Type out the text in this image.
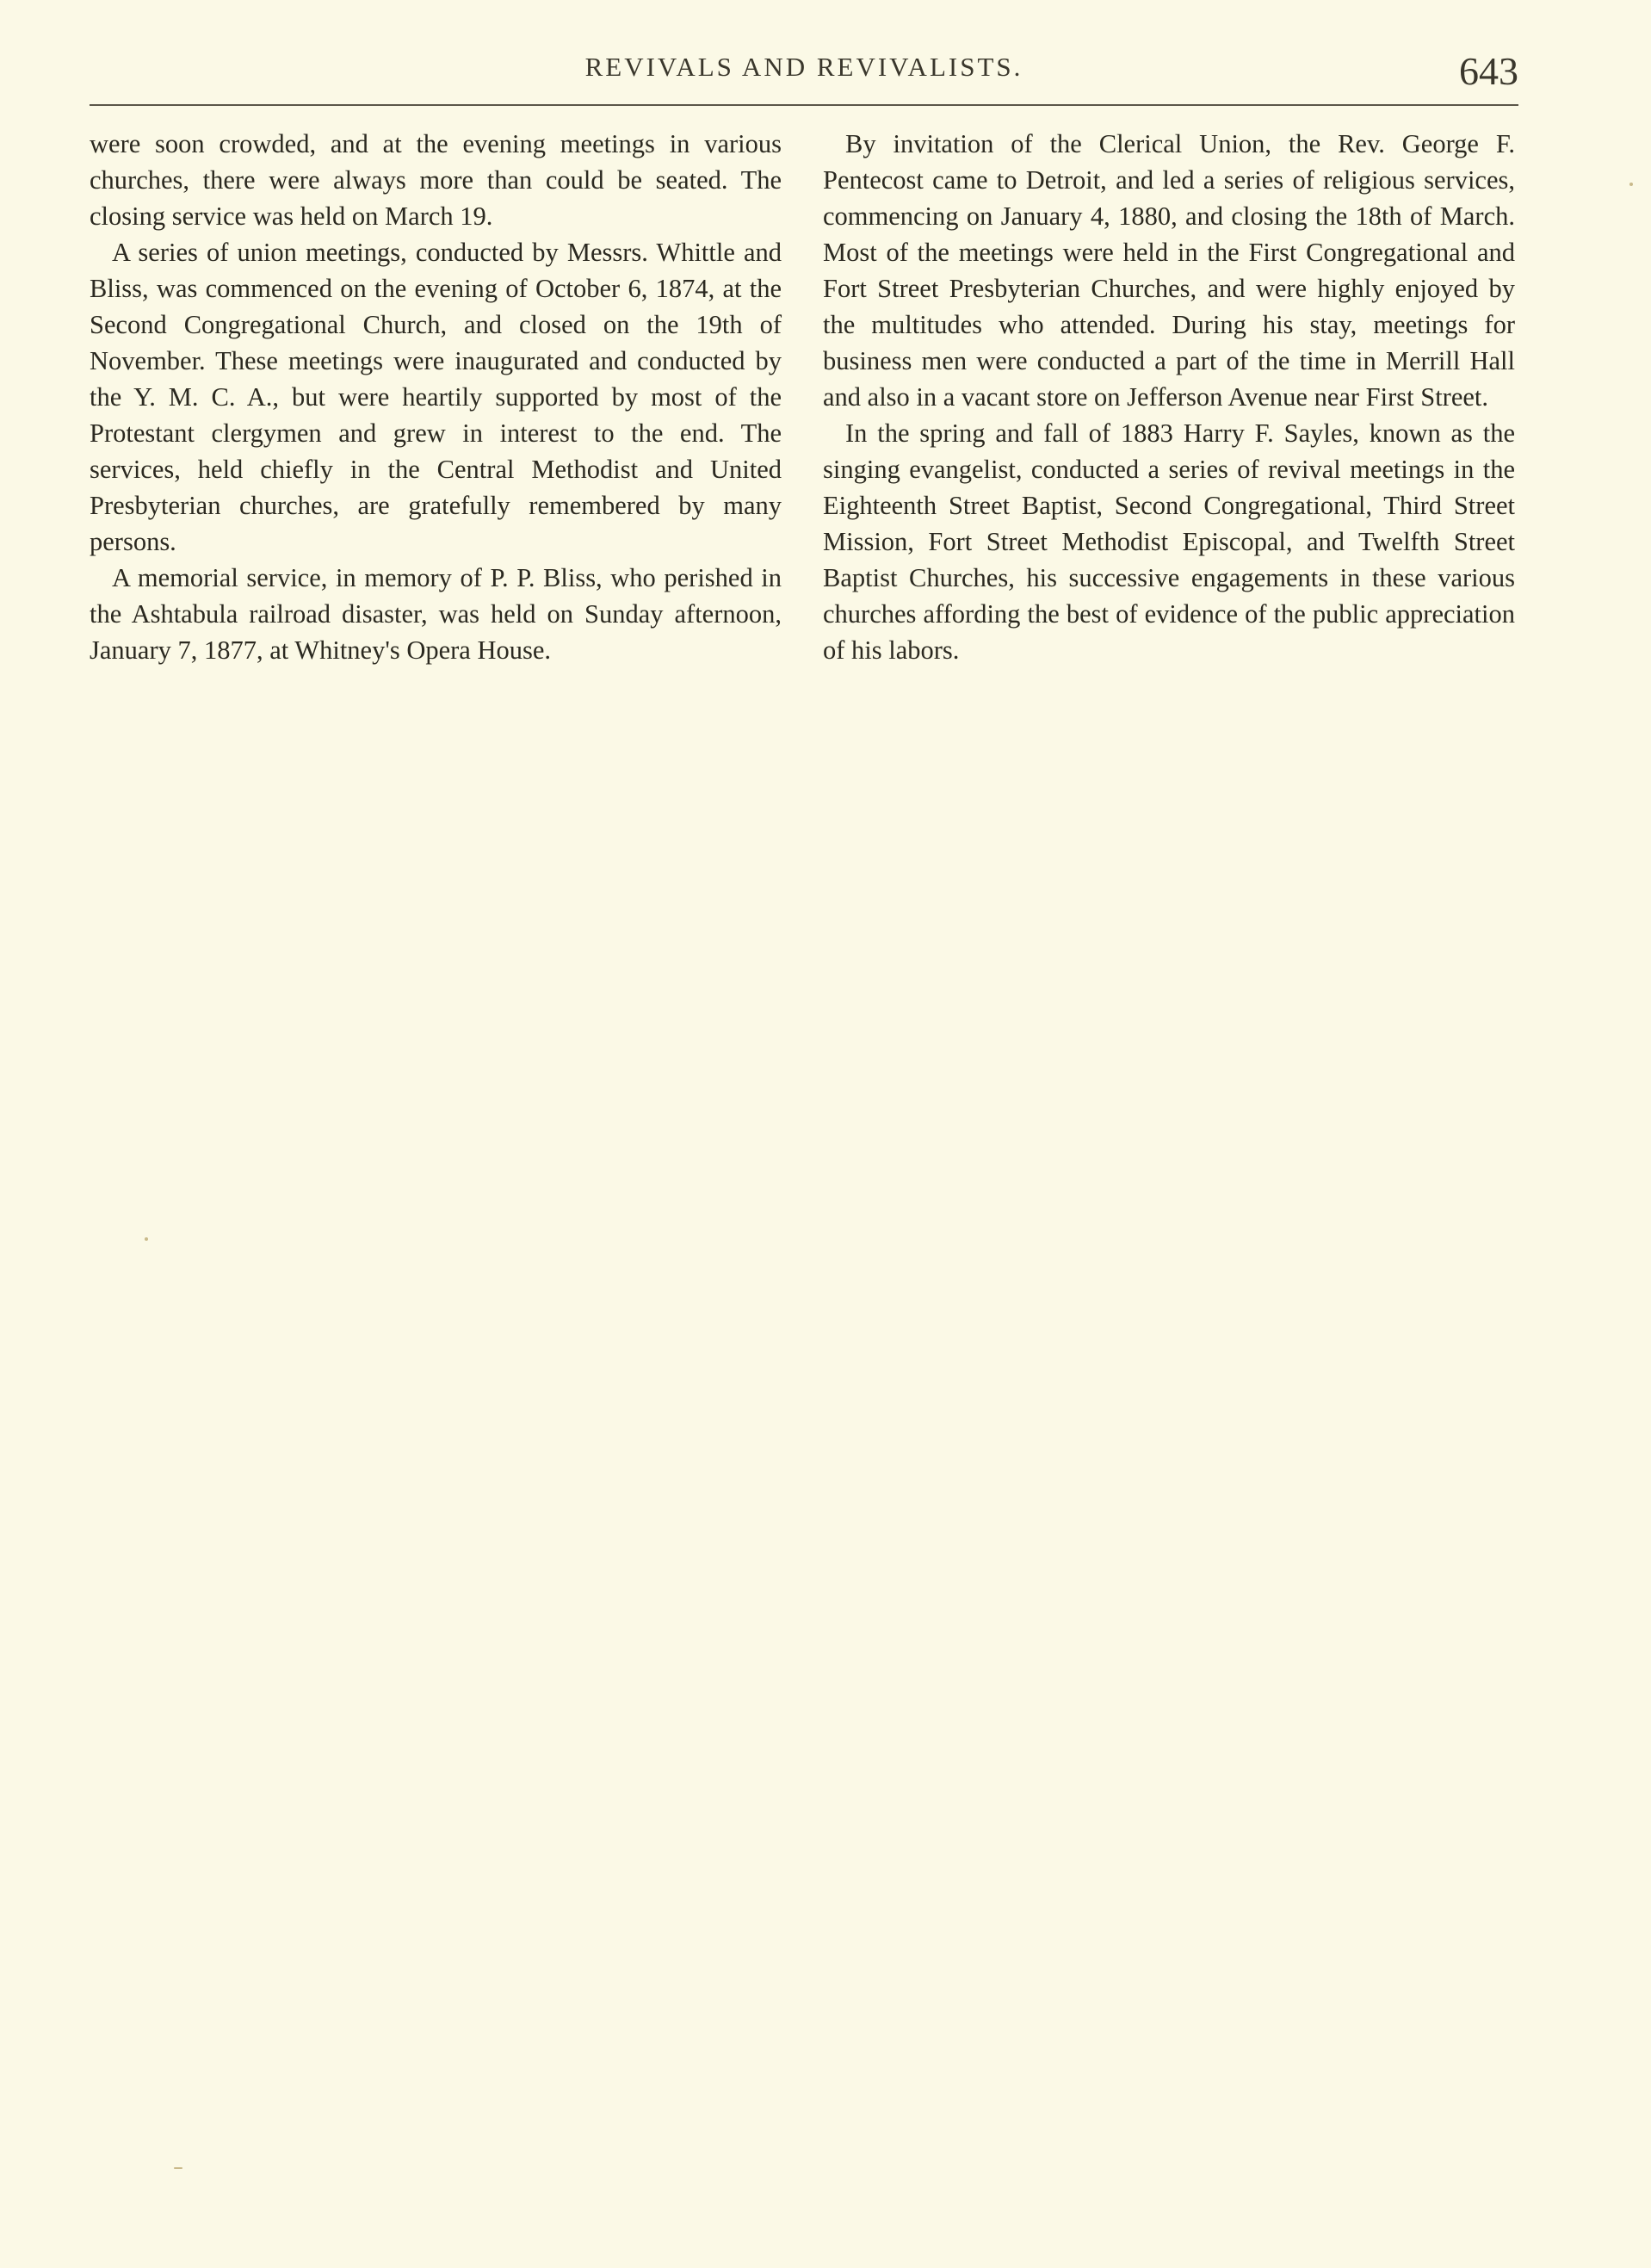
REVIVALS AND REVIVALISTS.	643

were soon crowded, and at the evening meetings in various churches, there were always more than could be seated. The closing service was held on March 19.

A series of union meetings, conducted by Messrs. Whittle and Bliss, was commenced on the evening of October 6, 1874, at the Second Congregational Church, and closed on the 19th of November. These meetings were inaugurated and conducted by the Y. M. C. A., but were heartily supported by most of the Protestant clergymen and grew in interest to the end. The services, held chiefly in the Central Methodist and United Presbyterian churches, are gratefully remembered by many persons.

A memorial service, in memory of P. P. Bliss, who perished in the Ashtabula railroad disaster, was held on Sunday afternoon, January 7, 1877, at Whitney's Opera House.

By invitation of the Clerical Union, the Rev. George F. Pentecost came to Detroit, and led a series of religious services, commencing on January 4, 1880, and closing the 18th of March. Most of the meetings were held in the First Congregational and Fort Street Presbyterian Churches, and were highly enjoyed by the multitudes who attended. During his stay, meetings for business men were conducted a part of the time in Merrill Hall and also in a vacant store on Jefferson Avenue near First Street.

In the spring and fall of 1883 Harry F. Sayles, known as the singing evangelist, conducted a series of revival meetings in the Eighteenth Street Baptist, Second Congregational, Third Street Mission, Fort Street Methodist Episcopal, and Twelfth Street Baptist Churches, his successive engagements in these various churches affording the best of evidence of the public appreciation of his labors.
